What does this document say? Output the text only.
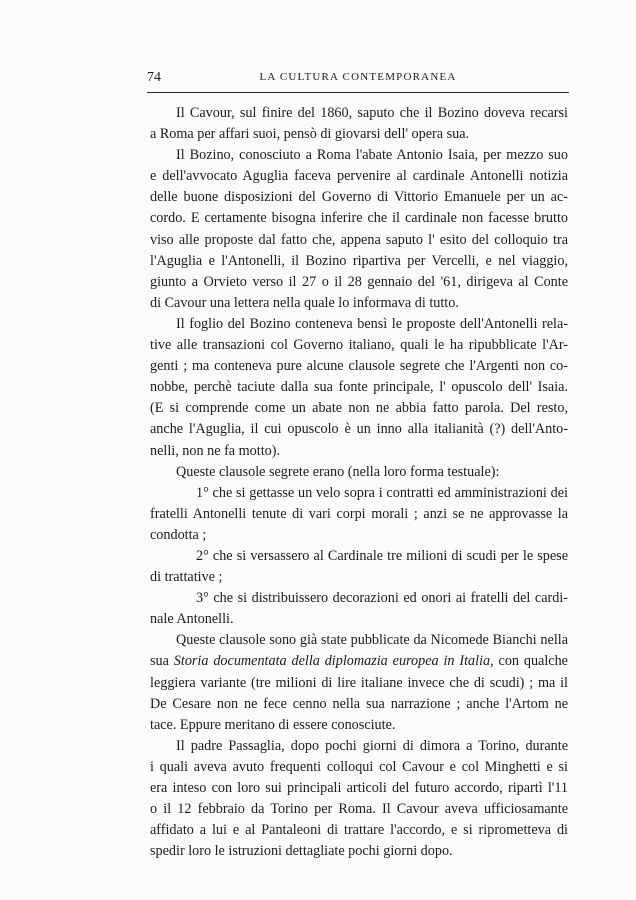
74	LA CULTURA CONTEMPORANEA
Il Cavour, sul finire del 1860, saputo che il Bozino doveva recarsi
a Roma per affari suoi, pensò di giovarsi dell' opera sua.
Il Bozino, conosciuto a Roma l'abate Antonio Isaia, per mezzo suo
e dell'avvocato Aguglia faceva pervenire al cardinale Antonelli notizia
delle buone disposizioni del Governo di Vittorio Emanuele per un ac-
cordo. E certamente bisogna inferire che il cardinale non facesse brutto
viso alle proposte dal fatto che, appena saputo l' esito del colloquio tra
l'Aguglia e l'Antonelli, il Bozino ripartiva per Vercelli, e nel viaggio,
giunto a Orvieto verso il 27 o il 28 gennaio del '61, dirigeva al Conte
di Cavour una lettera nella quale lo informava di tutto.
Il foglio del Bozino conteneva bensì le proposte dell'Antonelli rela-
tive alle transazioni col Governo italiano, quali le ha ripubblicate l'Ar-
genti ; ma conteneva pure alcune clausole segrete che l'Argenti non co-
nobbe, perchè taciute dalla sua fonte principale, l' opuscolo dell' Isaia.
(E si comprende come un abate non ne abbia fatto parola. Del resto,
anche l'Aguglia, il cui opuscolo è un inno alla italianità (?) dell'Anto-
nelli, non ne fa motto).
Queste clausole segrete erano (nella loro forma testuale):
1° che si gettasse un velo sopra i contratti ed amministrazioni dei
fratelli Antonelli tenute di vari corpi morali ; anzi se ne approvasse la
condotta ;
2° che si versassero al Cardinale tre milioni di scudi per le spese
di trattative ;
3° che si distribuissero decorazioni ed onori ai fratelli del cardi-
nale Antonelli.
Queste clausole sono già state pubblicate da Nicomede Bianchi nella
sua Storia documentata della diplomazia europea in Italia, con qualche
leggiera variante (tre milioni di lire italiane invece che di scudi) ; ma il
De Cesare non ne fece cenno nella sua narrazione ; anche l'Artom ne
tace. Eppure meritano di essere conosciute.
Il padre Passaglia, dopo pochi giorni di dimora a Torino, durante
i quali aveva avuto frequenti colloqui col Cavour e col Minghetti e si
era inteso con loro sui principali articoli del futuro accordo, ripartì l'11
o il 12 febbraio da Torino per Roma. Il Cavour aveva ufficiosamante
affidato a lui e al Pantaleoni di trattare l'accordo, e si riprometteva di
spedir loro le istruzioni dettagliate pochi giorni dopo.
